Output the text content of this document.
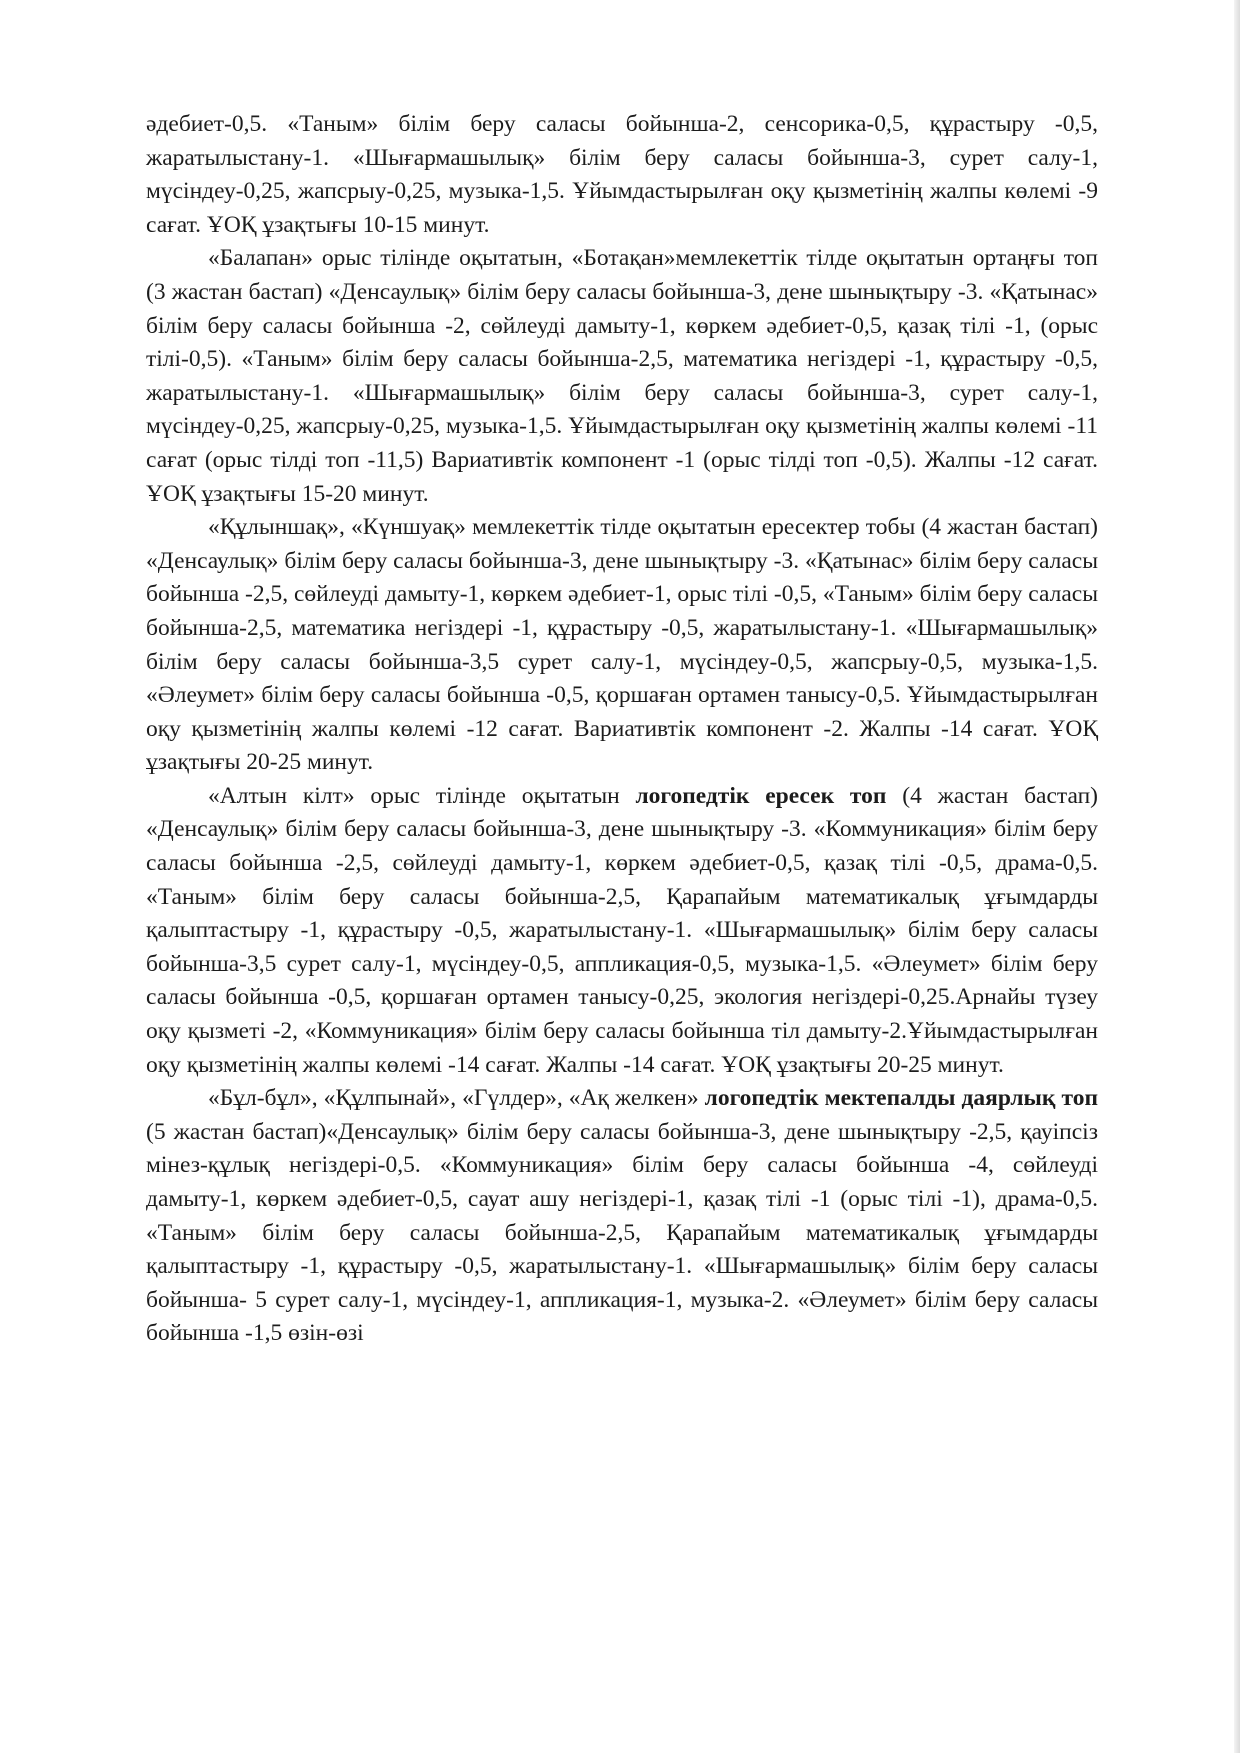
әдебиет-0,5. «Таным» білім беру саласы бойынша-2, сенсорика-0,5, құрастыру -0,5, жаратылыстану-1. «Шығармашылық» білім беру саласы бойынша-3, сурет салу-1, мүсіндеу-0,25, жапсрыу-0,25, музыка-1,5. Ұйымдастырылған оқу қызметінің жалпы көлемі -9 сағат. ҰОҚ ұзақтығы 10-15 минут.

«Балапан» орыс тілінде оқытатын, «Ботақан»мемлекеттік тілде оқытатын ортаңғы топ (3 жастан бастап) «Денсаулық» білім беру саласы бойынша-3, дене шынықтыру -3. «Қатынас» білім беру саласы бойынша -2, сөйлеуді дамыту-1, көркем әдебиет-0,5, қазақ тілі -1, (орыс тілі-0,5). «Таным» білім беру саласы бойынша-2,5, математика негіздері -1, құрастыру -0,5, жаратылыстану-1. «Шығармашылық» білім беру саласы бойынша-3, сурет салу-1, мүсіндеу-0,25, жапсрыу-0,25, музыка-1,5. Ұйымдастырылған оқу қызметінің жалпы көлемі -11 сағат (орыс тілді топ -11,5) Вариативтік компонент -1 (орыс тілді топ -0,5). Жалпы -12 сағат. ҰОҚ ұзақтығы 15-20 минут.

«Құлыншақ», «Күншуақ» мемлекеттік тілде оқытатын ересектер тобы (4 жастан бастап) «Денсаулық» білім беру саласы бойынша-3, дене шынықтыру -3. «Қатынас» білім беру саласы бойынша -2,5, сөйлеуді дамыту-1, көркем әдебиет-1, орыс тілі -0,5, «Таным» білім беру саласы бойынша-2,5, математика негіздері -1, құрастыру -0,5, жаратылыстану-1. «Шығармашылық» білім беру саласы бойынша-3,5 сурет салу-1, мүсіндеу-0,5, жапсрыу-0,5, музыка-1,5. «Әлеумет» білім беру саласы бойынша -0,5, қоршаған ортамен танысу-0,5. Ұйымдастырылған оқу қызметінің жалпы көлемі -12 сағат. Вариативтік компонент -2. Жалпы -14 сағат. ҰОҚ ұзақтығы 20-25 минут.

«Алтын кілт» орыс тілінде оқытатын логопедтік ересек топ (4 жастан бастап) «Денсаулық» білім беру саласы бойынша-3, дене шынықтыру -3. «Коммуникация» білім беру саласы бойынша -2,5, сөйлеуді дамыту-1, көркем әдебиет-0,5, қазақ тілі -0,5, драма-0,5. «Таным» білім беру саласы бойынша-2,5, Қарапайым математикалық ұғымдарды қалыптастыру -1, құрастыру -0,5, жаратылыстану-1. «Шығармашылық» білім беру саласы бойынша-3,5 сурет салу-1, мүсіндеу-0,5, аппликация-0,5, музыка-1,5. «Әлеумет» білім беру саласы бойынша -0,5, қоршаған ортамен танысу-0,25, экология негіздері-0,25.Арнайы түзеу оқу қызметі -2, «Коммуникация» білім беру саласы бойынша тіл дамыту-2.Ұйымдастырылған оқу қызметінің жалпы көлемі -14 сағат. Жалпы -14 сағат. ҰОҚ ұзақтығы 20-25 минут.

«Бұл-бұл», «Құлпынай», «Гүлдер», «Ақ желкен» логопедтік мектепалды даярлық топ (5 жастан бастап)«Денсаулық» білім беру саласы бойынша-3, дене шынықтыру -2,5, қауіпсіз мінез-құлық негіздері-0,5. «Коммуникация» білім беру саласы бойынша -4, сөйлеуді дамыту-1, көркем әдебиет-0,5, сауат ашу негіздері-1, қазақ тілі -1 (орыс тілі -1), драма-0,5. «Таным» білім беру саласы бойынша-2,5, Қарапайым математикалық ұғымдарды қалыптастыру -1, құрастыру -0,5, жаратылыстану-1. «Шығармашылық» білім беру саласы бойынша- 5 сурет салу-1, мүсіндеу-1, аппликация-1, музыка-2. «Әлеумет» білім беру саласы бойынша -1,5 өзін-өзі
